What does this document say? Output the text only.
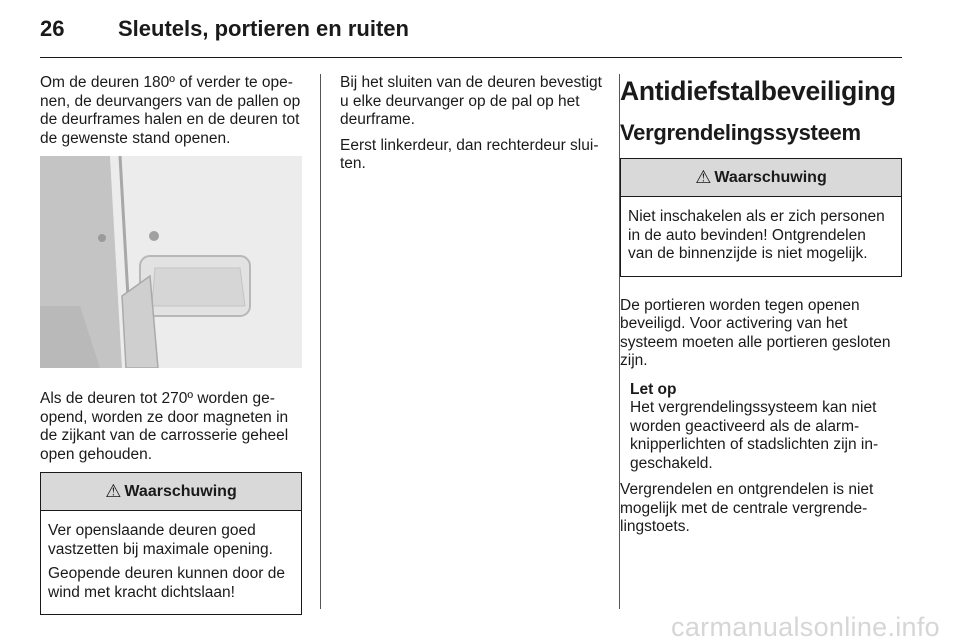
26	Sleutels, portieren en ruiten

Om de deuren 180º of verder te openen, de deurvangers van de pallen op de deurframes halen en de deuren tot de gewenste stand openen.

Als de deuren tot 270º worden geopend, worden ze door magneten in de zijkant van de carrosserie geheel open gehouden.

⚠ Waarschuwing

Ver openslaande deuren goed vastzetten bij maximale opening.

Geopende deuren kunnen door de wind met kracht dichtslaan!

Bij het sluiten van de deuren bevestigt u elke deurvanger op de pal op het deurframe.

Eerst linkerdeur, dan rechterdeur sluiten.

Antidiefstalbeveiliging
Vergrendelingssysteem
⚠ Waarschuwing

Niet inschakelen als er zich personen in de auto bevinden! Ontgrendelen van de binnenzijde is niet mogelijk.

De portieren worden tegen openen beveiligd. Voor activering van het systeem moeten alle portieren gesloten zijn.

Let op
Het vergrendelingssysteem kan niet worden geactiveerd als de alarmknipperlichten of stadslichten zijn ingeschakeld.

Vergrendelen en ontgrendelen is niet mogelijk met de centrale vergrendelingstoets.

carmanualsonline.info
